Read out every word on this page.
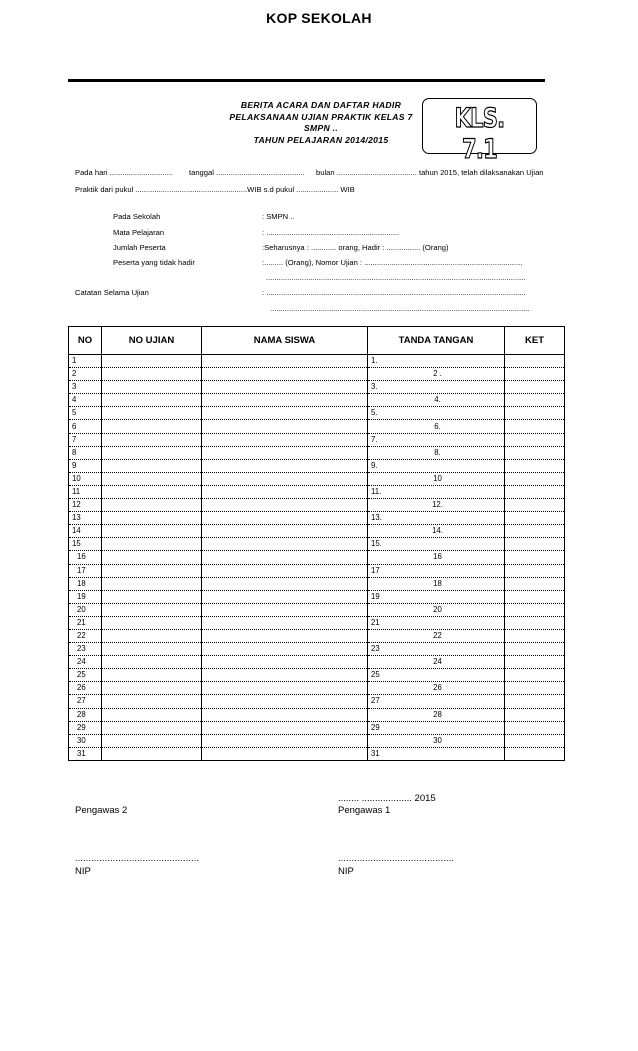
KOP SEKOLAH
BERITA ACARA DAN DAFTAR HADIR
PELAKSANAAN UJIAN PRAKTIK KELAS 7
SMPN ..
TAHUN PELAJARAN 2014/2015
KLS. 7.1
Pada hari .............................. tanggal .......................................... bulan ...................................... tahun 2015, telah dilaksanakan Ujian
Praktik dari pukul .....................................................WIB s.d pukul .................... WIB
Pada Sekolah	: SMPN ..
Mata Pelajaran	: ...............................................................
Jumlah Peserta	:Seharusnya : ............ orang, Hadir : ................ (Orang)
Peserta yang tidak hadir	:......... (Orang), Nomor Ujian : ...........................................................................
...........................................................................................................................
Catatan Selama Ujian	: ...........................................................................................................................
...........................................................................................................................
NO	NO UJIAN	NAMA SISWA	TANDA TANGAN	KET
1			1.	
2			2 .	
3			3.	
4			4.	
5			5.	
6			6.	
7			7.	
8			8.	
9			9.	
10			10	
11			11.	
12			12.	
13			13.	
14			14.	
15			15.	
16			16	
17			17	
18			18	
19			19	
20			20	
21			21	
22			22	
23			23	
24			24	
25			25	
26			26	
27			27	
28			28	
29			29	
30			30	
31			31	
........ ................... 2015
Pengawas 2	Pengawas 1
..............................................	...........................................
NIP	NIP
